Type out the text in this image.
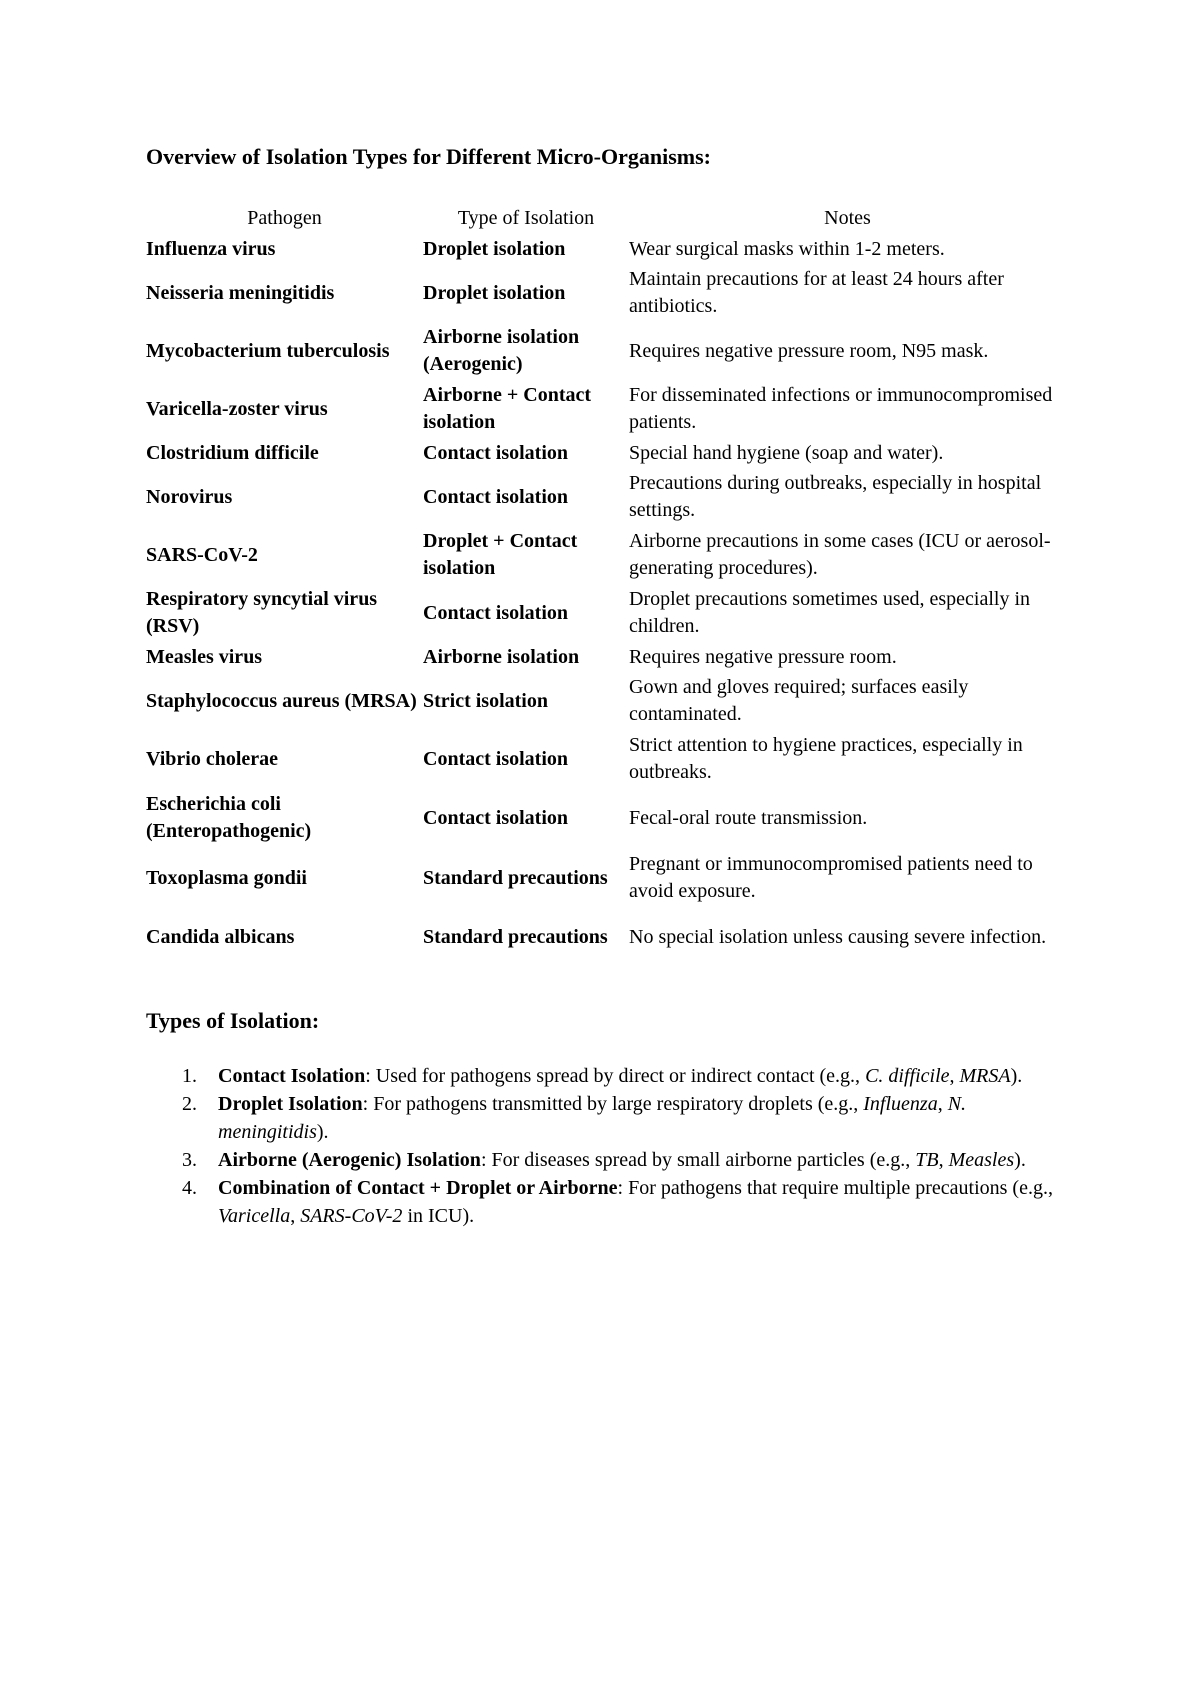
Overview of Isolation Types for Different Micro-Organisms:
Pathogen	Type of Isolation	Notes
Influenza virus	Droplet isolation	Wear surgical masks within 1-2 meters.
Neisseria meningitidis	Droplet isolation	Maintain precautions for at least 24 hours after antibiotics.
Mycobacterium tuberculosis	Airborne isolation (Aerogenic)	Requires negative pressure room, N95 mask.
Varicella-zoster virus	Airborne + Contact isolation	For disseminated infections or immunocompromised patients.
Clostridium difficile	Contact isolation	Special hand hygiene (soap and water).
Norovirus	Contact isolation	Precautions during outbreaks, especially in hospital settings.
SARS-CoV-2	Droplet + Contact isolation	Airborne precautions in some cases (ICU or aerosol-generating procedures).
Respiratory syncytial virus (RSV)	Contact isolation	Droplet precautions sometimes used, especially in children.
Measles virus	Airborne isolation	Requires negative pressure room.
Staphylococcus aureus (MRSA)	Strict isolation	Gown and gloves required; surfaces easily contaminated.
Vibrio cholerae	Contact isolation	Strict attention to hygiene practices, especially in outbreaks.
Escherichia coli (Enteropathogenic)	Contact isolation	Fecal-oral route transmission.
Toxoplasma gondii	Standard precautions	Pregnant or immunocompromised patients need to avoid exposure.
Candida albicans	Standard precautions	No special isolation unless causing severe infection.
Types of Isolation:
1. Contact Isolation: Used for pathogens spread by direct or indirect contact (e.g., C. difficile, MRSA).
2. Droplet Isolation: For pathogens transmitted by large respiratory droplets (e.g., Influenza, N. meningitidis).
3. Airborne (Aerogenic) Isolation: For diseases spread by small airborne particles (e.g., TB, Measles).
4. Combination of Contact + Droplet or Airborne: For pathogens that require multiple precautions (e.g., Varicella, SARS-CoV-2 in ICU).
